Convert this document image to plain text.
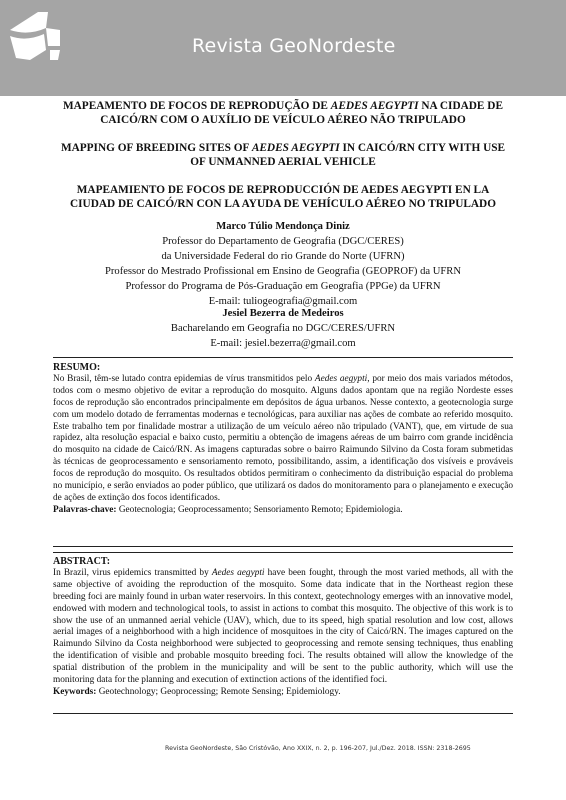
Revista GeoNordeste

MAPEAMENTO DE FOCOS DE REPRODUÇÃO DE AEDES AEGYPTI NA CIDADE DE CAICÓ/RN COM O AUXÍLIO DE VEÍCULO AÉREO NÃO TRIPULADO

MAPPING OF BREEDING SITES OF AEDES AEGYPTI IN CAICÓ/RN CITY WITH USE OF UNMANNED AERIAL VEHICLE

MAPEAMIENTO DE FOCOS DE REPRODUCCIÓN DE AEDES AEGYPTI EN LA CIUDAD DE CAICÓ/RN CON LA AYUDA DE VEHÍCULO AÉREO NO TRIPULADO

Marco Túlio Mendonça Diniz
Professor do Departamento de Geografia (DGC/CERES)
da Universidade Federal do rio Grande do Norte (UFRN)
Professor do Mestrado Profissional em Ensino de Geografia (GEOPROF) da UFRN
Professor do Programa de Pós-Graduação em Geografia (PPGe) da UFRN
E-mail: tuliogeografia@gmail.com
Jesiel Bezerra de Medeiros
Bacharelando em Geografia no DGC/CERES/UFRN
E-mail: jesiel.bezerra@gmail.com
RESUMO:
No Brasil, têm-se lutado contra epidemias de vírus transmitidos pelo Aedes aegypti, por meio dos mais variados métodos, todos com o mesmo objetivo de evitar a reprodução do mosquito. Alguns dados apontam que na região Nordeste esses focos de reprodução são encontrados principalmente em depósitos de água urbanos. Nesse contexto, a geotecnologia surge com um modelo dotado de ferramentas modernas e tecnológicas, para auxiliar nas ações de combate ao referido mosquito. Este trabalho tem por finalidade mostrar a utilização de um veículo aéreo não tripulado (VANT), que, em virtude de sua rapidez, alta resolução espacial e baixo custo, permitiu a obtenção de imagens aéreas de um bairro com grande incidência do mosquito na cidade de Caicó/RN. As imagens capturadas sobre o bairro Raimundo Silvino da Costa foram submetidas às técnicas de geoprocessamento e sensoriamento remoto, possibilitando, assim, a identificação dos visíveis e prováveis focos de reprodução do mosquito. Os resultados obtidos permitiram o conhecimento da distribuição espacial do problema no município, e serão enviados ao poder público, que utilizará os dados do monitoramento para o planejamento e execução de ações de extinção dos focos identificados.
Palavras-chave: Geotecnologia; Geoprocessamento; Sensoriamento Remoto; Epidemiologia.
ABSTRACT:
In Brazil, virus epidemics transmitted by Aedes aegypti have been fought, through the most varied methods, all with the same objective of avoiding the reproduction of the mosquito. Some data indicate that in the Northeast region these breeding foci are mainly found in urban water reservoirs. In this context, geotechnology emerges with an innovative model, endowed with modern and technological tools, to assist in actions to combat this mosquito. The objective of this work is to show the use of an unmanned aerial vehicle (UAV), which, due to its speed, high spatial resolution and low cost, allows aerial images of a neighborhood with a high incidence of mosquitoes in the city of Caicó/RN. The images captured on the Raimundo Silvino da Costa neighborhood were subjected to geoprocessing and remote sensing techniques, thus enabling the identification of visible and probable mosquito breeding foci. The results obtained will allow the knowledge of the spatial distribution of the problem in the municipality and will be sent to the public authority, which will use the monitoring data for the planning and execution of extinction actions of the identified foci.
Keywords: Geotechnology; Geoprocessing; Remote Sensing; Epidemiology.
Revista GeoNordeste, São Cristóvão, Ano XXIX, n. 2, p. 196-207, Jul./Dez. 2018. ISSN: 2318-2695
